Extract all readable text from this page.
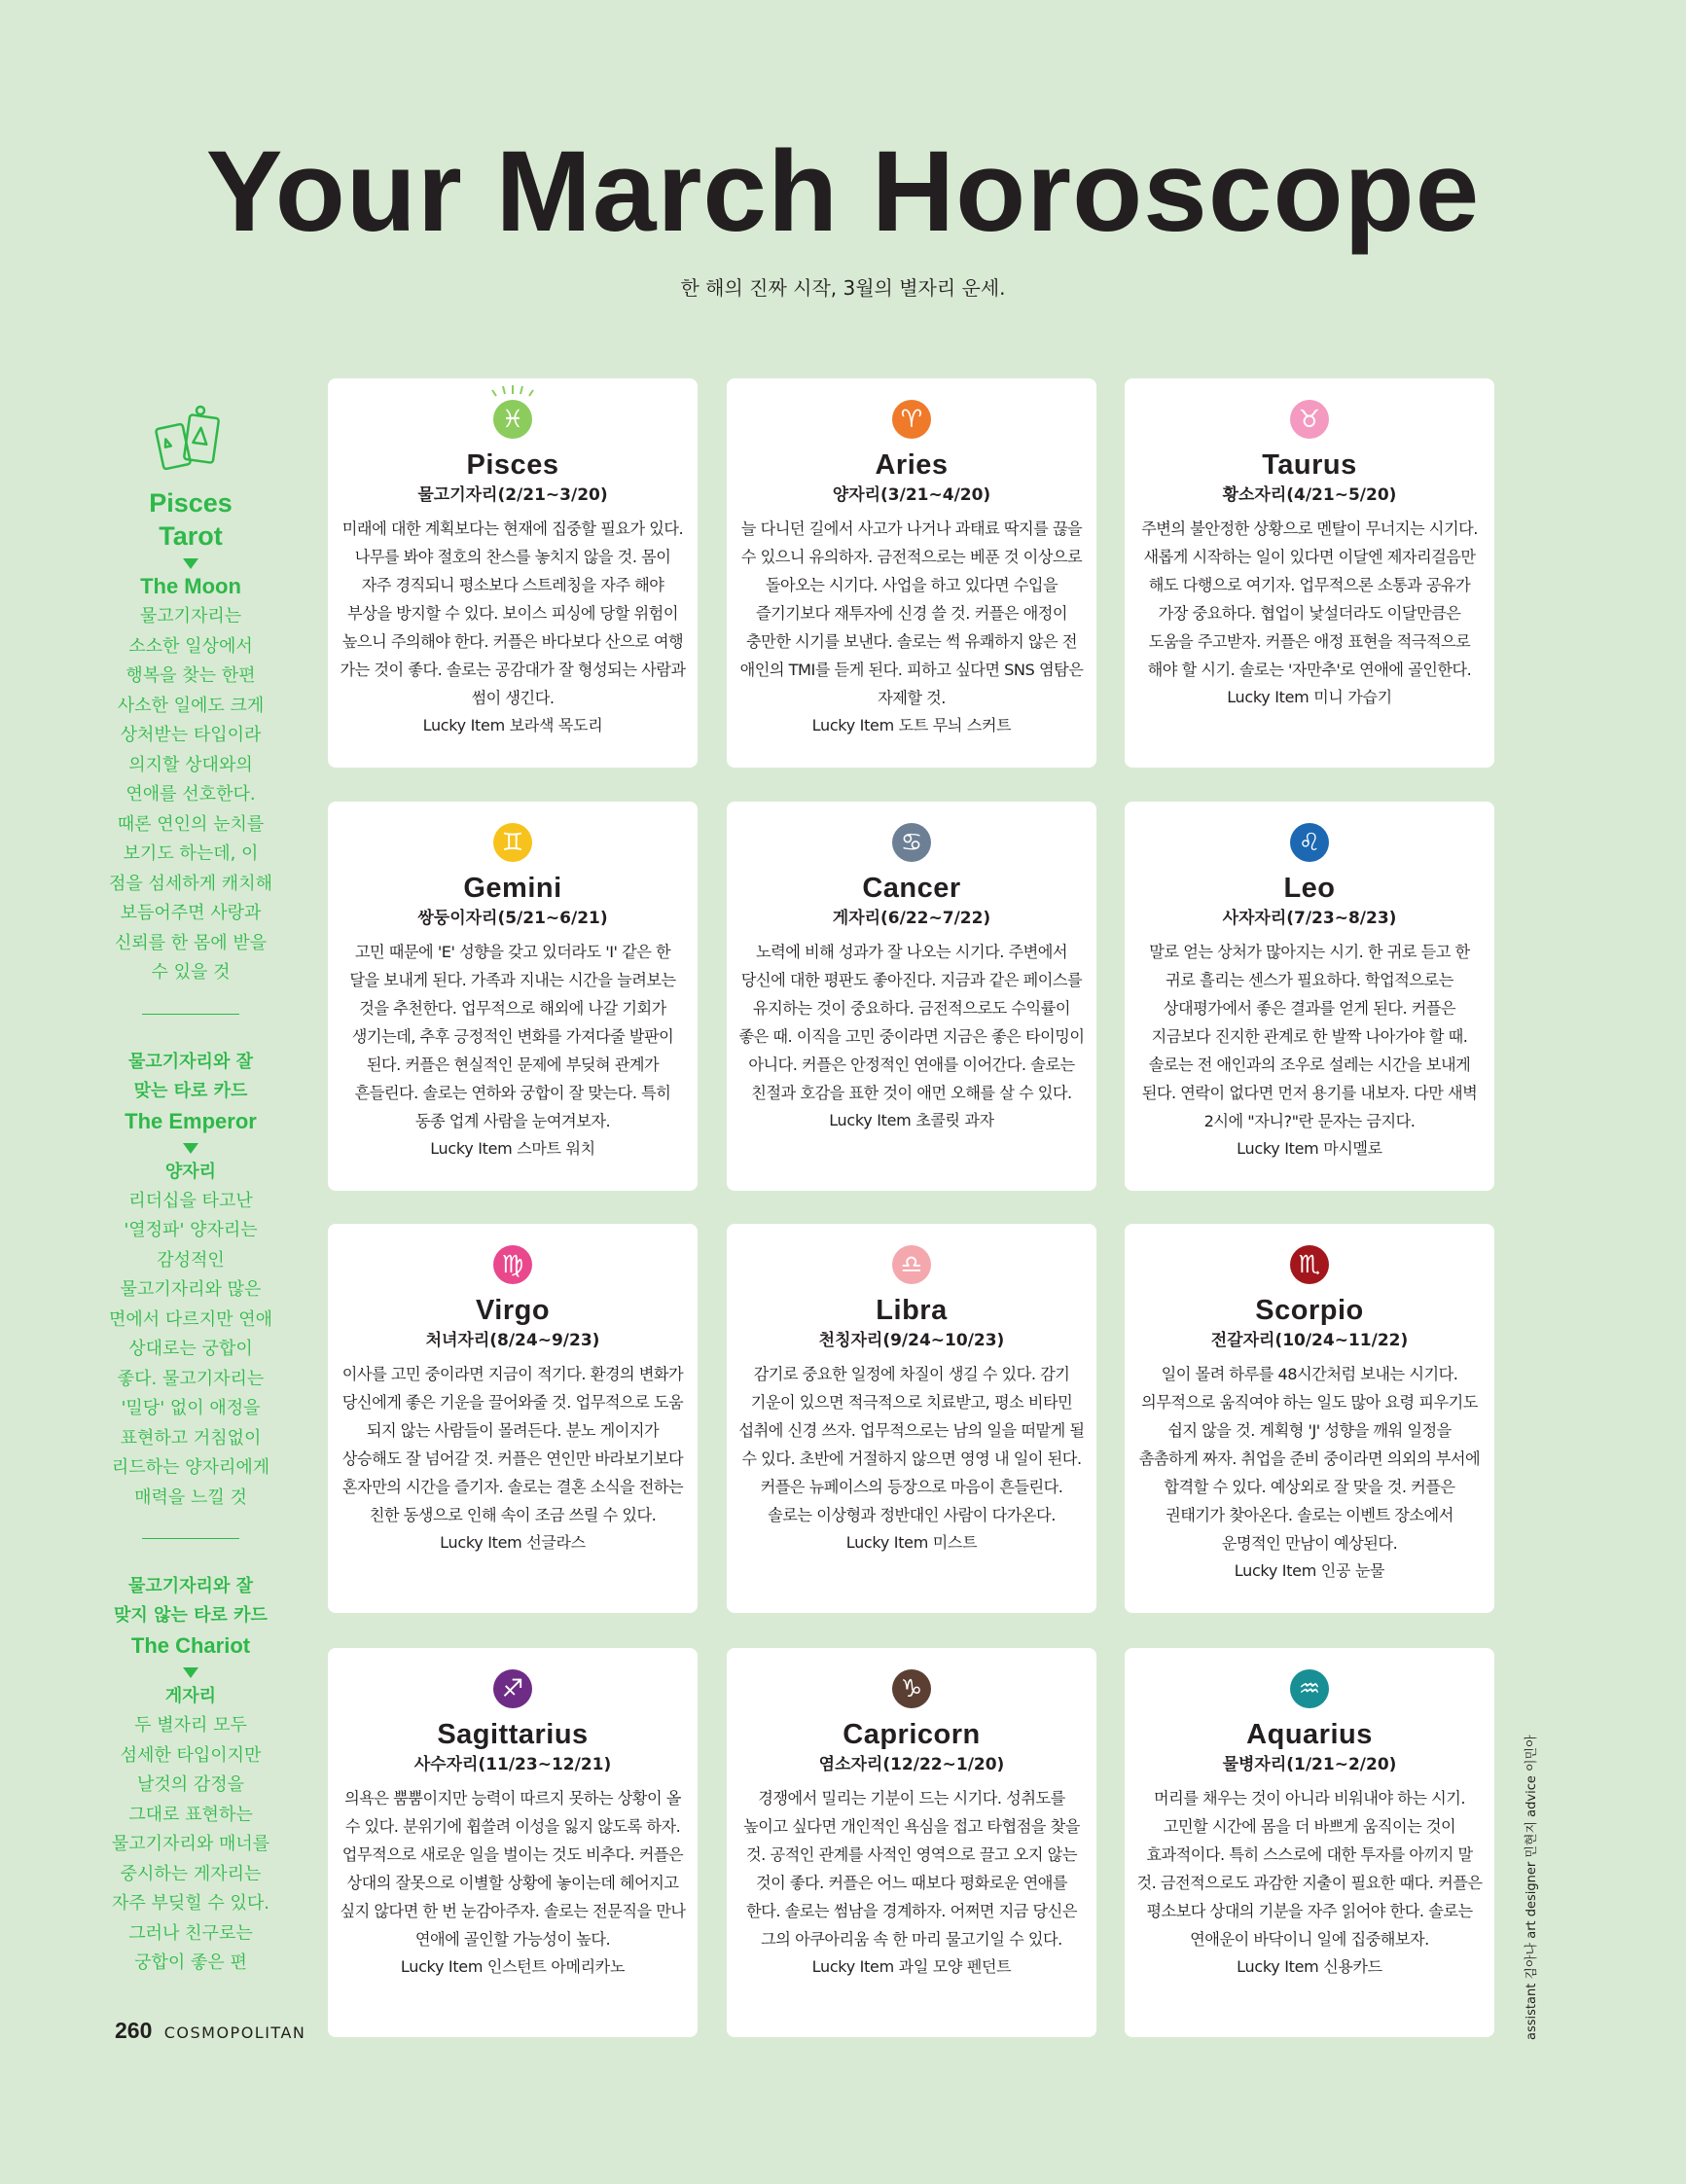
Your March Horoscope
한 해의 진짜 시작, 3월의 별자리 운세.
Pisces
Tarot
The Moon
물고기자리는
소소한 일상에서
행복을 찾는 한편
사소한 일에도 크게
상처받는 타입이라
의지할 상대와의
연애를 선호한다.
때론 연인의 눈치를
보기도 하는데, 이
점을 섬세하게 캐치해
보듬어주면 사랑과
신뢰를 한 몸에 받을
수 있을 것
물고기자리와 잘
맞는 타로 카드
The Emperor
양자리
리더십을 타고난
'열정파' 양자리는
감성적인
물고기자리와 많은
면에서 다르지만 연애
상대로는 궁합이
좋다. 물고기자리는
'밀당' 없이 애정을
표현하고 거침없이
리드하는 양자리에게
매력을 느낄 것
물고기자리와 잘
맞지 않는 타로 카드
The Chariot
게자리
두 별자리 모두
섬세한 타입이지만
날것의 감정을
그대로 표현하는
물고기자리와 매너를
중시하는 게자리는
자주 부딪힐 수 있다.
그러나 친구로는
궁합이 좋은 편
♓
Pisces
물고기자리(2/21~3/20)
미래에 대한 계획보다는 현재에 집중할 필요가 있다. 나무를 봐야 절호의 찬스를 놓치지 않을 것. 몸이 자주 경직되니 평소보다 스트레칭을 자주 해야 부상을 방지할 수 있다. 보이스 피싱에 당할 위험이 높으니 주의해야 한다. 커플은 바다보다 산으로 여행 가는 것이 좋다. 솔로는 공감대가 잘 형성되는 사람과 썸이 생긴다.
Lucky Item 보라색 목도리
♈
Aries
양자리(3/21~4/20)
늘 다니던 길에서 사고가 나거나 과태료 딱지를 끊을 수 있으니 유의하자. 금전적으로는 베푼 것 이상으로 돌아오는 시기다. 사업을 하고 있다면 수입을 즐기기보다 재투자에 신경 쓸 것. 커플은 애정이 충만한 시기를 보낸다. 솔로는 썩 유쾌하지 않은 전 애인의 TMI를 듣게 된다. 피하고 싶다면 SNS 염탐은 자제할 것.
Lucky Item 도트 무늬 스커트
♉
Taurus
황소자리(4/21~5/20)
주변의 불안정한 상황으로 멘탈이 무너지는 시기다. 새롭게 시작하는 일이 있다면 이달엔 제자리걸음만 해도 다행으로 여기자. 업무적으론 소통과 공유가 가장 중요하다. 협업이 낯설더라도 이달만큼은 도움을 주고받자. 커플은 애정 표현을 적극적으로 해야 할 시기. 솔로는 '자만추'로 연애에 골인한다.
Lucky Item 미니 가습기
♊
Gemini
쌍둥이자리(5/21~6/21)
고민 때문에 'E' 성향을 갖고 있더라도 'I' 같은 한 달을 보내게 된다. 가족과 지내는 시간을 늘려보는 것을 추천한다. 업무적으로 해외에 나갈 기회가 생기는데, 추후 긍정적인 변화를 가져다줄 발판이 된다. 커플은 현실적인 문제에 부딪혀 관계가 흔들린다. 솔로는 연하와 궁합이 잘 맞는다. 특히 동종 업계 사람을 눈여겨보자.
Lucky Item 스마트 워치
♋
Cancer
게자리(6/22~7/22)
노력에 비해 성과가 잘 나오는 시기다. 주변에서 당신에 대한 평판도 좋아진다. 지금과 같은 페이스를 유지하는 것이 중요하다. 금전적으로도 수익률이 좋은 때. 이직을 고민 중이라면 지금은 좋은 타이밍이 아니다. 커플은 안정적인 연애를 이어간다. 솔로는 친절과 호감을 표한 것이 애먼 오해를 살 수 있다.
Lucky Item 초콜릿 과자
♌
Leo
사자자리(7/23~8/23)
말로 얻는 상처가 많아지는 시기. 한 귀로 듣고 한 귀로 흘리는 센스가 필요하다. 학업적으로는 상대평가에서 좋은 결과를 얻게 된다. 커플은 지금보다 진지한 관계로 한 발짝 나아가야 할 때. 솔로는 전 애인과의 조우로 설레는 시간을 보내게 된다. 연락이 없다면 먼저 용기를 내보자. 다만 새벽 2시에 "자니?"란 문자는 금지다.
Lucky Item 마시멜로
♍
Virgo
처녀자리(8/24~9/23)
이사를 고민 중이라면 지금이 적기다. 환경의 변화가 당신에게 좋은 기운을 끌어와줄 것. 업무적으로 도움 되지 않는 사람들이 몰려든다. 분노 게이지가 상승해도 잘 넘어갈 것. 커플은 연인만 바라보기보다 혼자만의 시간을 즐기자. 솔로는 결혼 소식을 전하는 친한 동생으로 인해 속이 조금 쓰릴 수 있다.
Lucky Item 선글라스
♎
Libra
천칭자리(9/24~10/23)
감기로 중요한 일정에 차질이 생길 수 있다. 감기 기운이 있으면 적극적으로 치료받고, 평소 비타민 섭취에 신경 쓰자. 업무적으로는 남의 일을 떠맡게 될 수 있다. 초반에 거절하지 않으면 영영 내 일이 된다. 커플은 뉴페이스의 등장으로 마음이 흔들린다. 솔로는 이상형과 정반대인 사람이 다가온다.
Lucky Item 미스트
♏
Scorpio
전갈자리(10/24~11/22)
일이 몰려 하루를 48시간처럼 보내는 시기다. 의무적으로 움직여야 하는 일도 많아 요령 피우기도 쉽지 않을 것. 계획형 'J' 성향을 깨워 일정을 촘촘하게 짜자. 취업을 준비 중이라면 의외의 부서에 합격할 수 있다. 예상외로 잘 맞을 것. 커플은 권태기가 찾아온다. 솔로는 이벤트 장소에서 운명적인 만남이 예상된다.
Lucky Item 인공 눈물
♐
Sagittarius
사수자리(11/23~12/21)
의욕은 뿜뿜이지만 능력이 따르지 못하는 상황이 올 수 있다. 분위기에 휩쓸려 이성을 잃지 않도록 하자. 업무적으로 새로운 일을 벌이는 것도 비추다. 커플은 상대의 잘못으로 이별할 상황에 놓이는데 헤어지고 싶지 않다면 한 번 눈감아주자. 솔로는 전문직을 만나 연애에 골인할 가능성이 높다.
Lucky Item 인스턴트 아메리카노
♑
Capricorn
염소자리(12/22~1/20)
경쟁에서 밀리는 기분이 드는 시기다. 성취도를 높이고 싶다면 개인적인 욕심을 접고 타협점을 찾을 것. 공적인 관계를 사적인 영역으로 끌고 오지 않는 것이 좋다. 커플은 어느 때보다 평화로운 연애를 한다. 솔로는 썸남을 경계하자. 어쩌면 지금 당신은 그의 아쿠아리움 속 한 마리 물고기일 수 있다.
Lucky Item 과일 모양 펜던트
♒
Aquarius
물병자리(1/21~2/20)
머리를 채우는 것이 아니라 비워내야 하는 시기. 고민할 시간에 몸을 더 바쁘게 움직이는 것이 효과적이다. 특히 스스로에 대한 투자를 아끼지 말 것. 금전적으로도 과감한 지출이 필요한 때다. 커플은 평소보다 상대의 기분을 자주 읽어야 한다. 솔로는 연애운이 바닥이니 일에 집중해보자.
Lucky Item 신용카드
260 COSMOPOLITAN	assistant 김아나 art designer 민현지 advice 이민아
